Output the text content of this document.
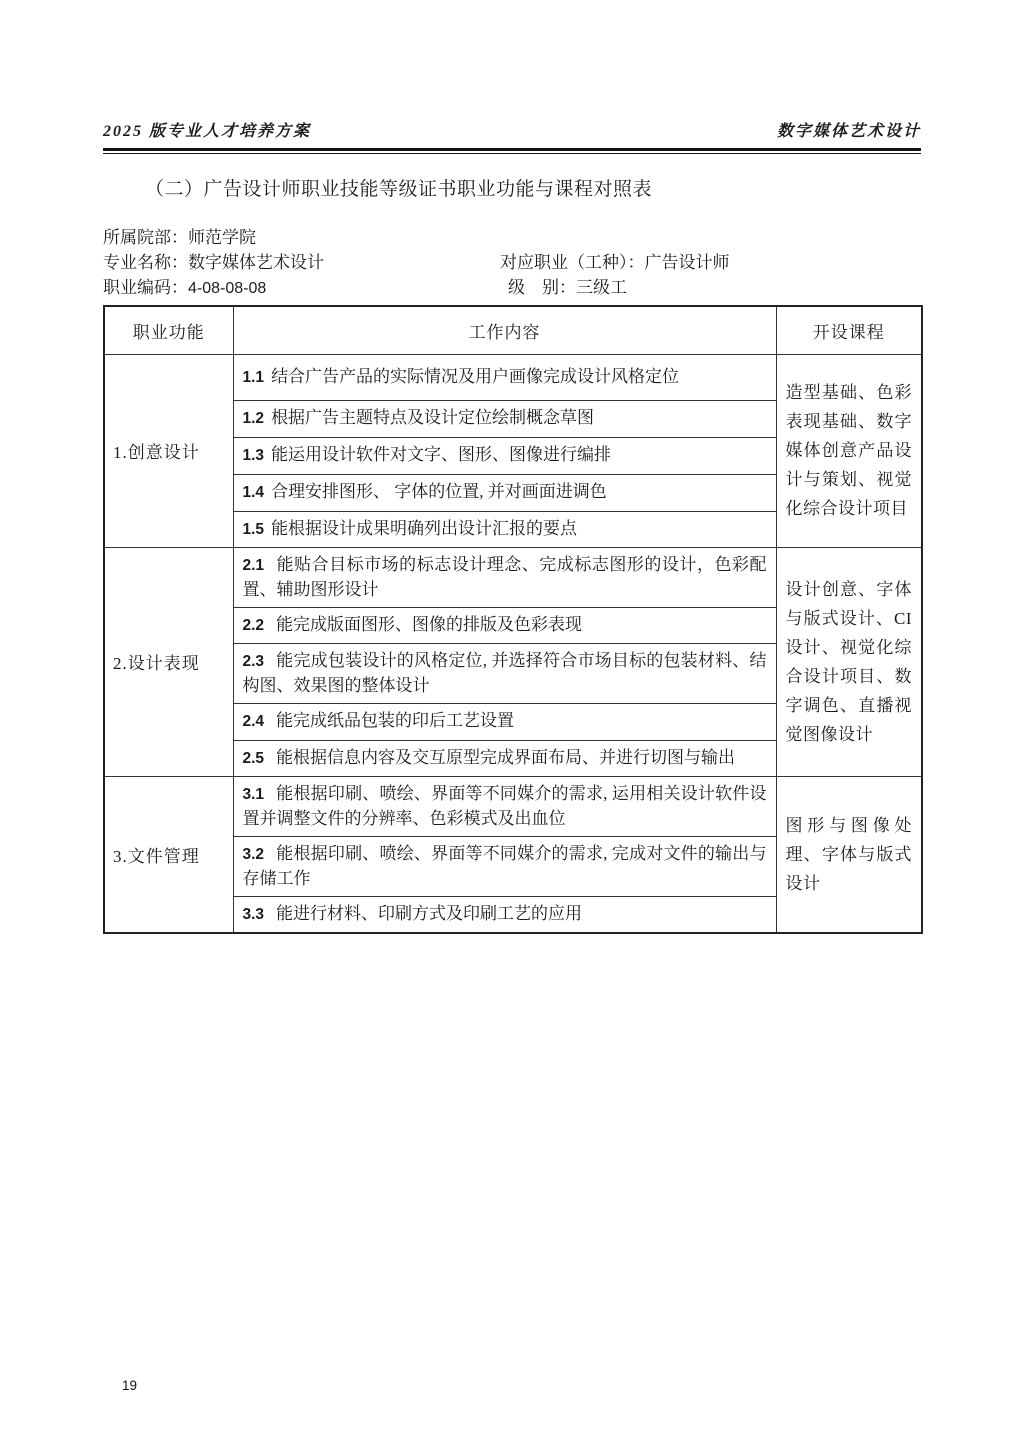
2025 版专业人才培养方案	数字媒体艺术设计
（二）广告设计师职业技能等级证书职业功能与课程对照表
所属院部：师范学院
专业名称：数字媒体艺术设计	对应职业（工种）：广告设计师
职业编码：4-08-08-08	级　别：三级工
职业功能	工作内容	开设课程
1.创意设计	1.1 结合广告产品的实际情况及用户画像完成设计风格定位	造型基础、色彩表现基础、数字媒体创意产品设计与策划、视觉化综合设计项目
	1.2 根据广告主题特点及设计定位绘制概念草图	
	1.3 能运用设计软件对文字、图形、图像进行编排	
	1.4 合理安排图形、 字体的位置, 并对画面进调色	
	1.5 能根据设计成果明确列出设计汇报的要点	
2.设计表现	2.1 能贴合目标市场的标志设计理念、完成标志图形的设计，色彩配置、辅助图形设计	设计创意、字体与版式设计、CI 设计、视觉化综合设计项目、数字调色、直播视觉图像设计
	2.2 能完成版面图形、图像的排版及色彩表现	
	2.3 能完成包装设计的风格定位, 并选择符合市场目标的包装材料、结构图、效果图的整体设计	
	2.4 能完成纸品包装的印后工艺设置	
	2.5 能根据信息内容及交互原型完成界面布局、并进行切图与输出	
3.文件管理	3.1 能根据印刷、喷绘、界面等不同媒介的需求, 运用相关设计软件设置并调整文件的分辨率、色彩模式及出血位	图形与图像处理、字体与版式设计
	3.2 能根据印刷、喷绘、界面等不同媒介的需求, 完成对文件的输出与存储工作	
	3.3 能进行材料、印刷方式及印刷工艺的应用	
19
